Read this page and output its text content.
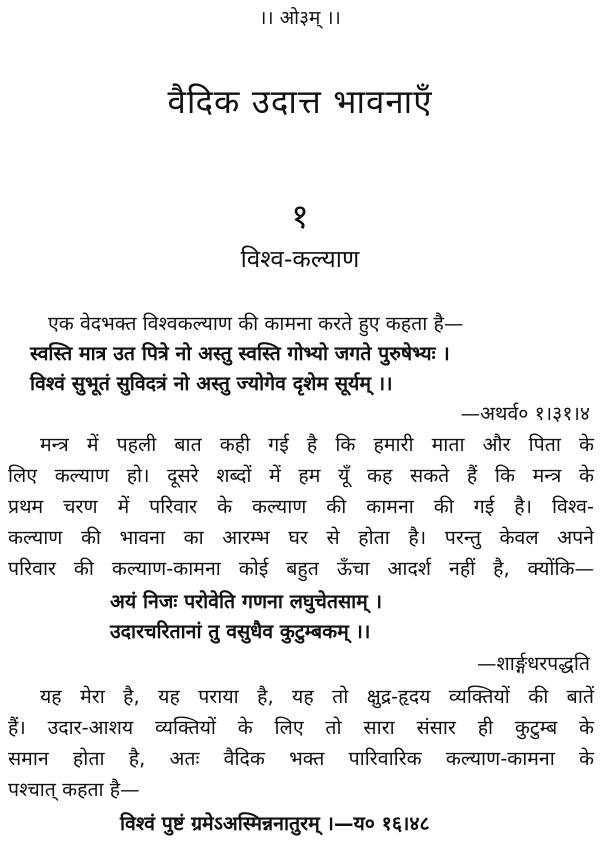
।। ओ३म् ।।
वैदिक उदात्त भावनाएँ
१
विश्व-कल्याण
एक वेदभक्त विश्वकल्याण की कामना करते हुए कहता है—
स्वस्ति मात्र उत पित्रे नो अस्तु स्वस्ति गोभ्यो जगते पुरुषेभ्यः ।
विश्वं सुभूतं सुविदत्रं नो अस्तु ज्योगेव दृशेम सूर्यम् ।।
—अथर्व० १।३१।४
मन्त्र में पहली बात कही गई है कि हमारी माता और पिता के
लिए कल्याण हो। दूसरे शब्दों में हम यूँ कह सकते हैं कि मन्त्र के
प्रथम चरण में परिवार के कल्याण की कामना की गई है। विश्व-
कल्याण की भावना का आरम्भ घर से होता है। परन्तु केवल अपने
परिवार की कल्याण-कामना कोई बहुत ऊँचा आदर्श नहीं है, क्योंकि—
अयं निजः परोवेति गणना लघुचेतसाम् ।
उदारचरितानां तु वसुधैव कुटुम्बकम् ।।
—शार्ङ्गधरपद्धति
यह मेरा है, यह पराया है, यह तो क्षुद्र-हृदय व्यक्तियों की बातें
हैं। उदार-आशय व्यक्तियों के लिए तो सारा संसार ही कुटुम्ब के
समान होता है, अतः वैदिक भक्त पारिवारिक कल्याण-कामना के
पश्चात् कहता है—
विश्वं पुष्टं ग्रमेऽअस्मिन्ननातुरम् ।—य० १६।४८
